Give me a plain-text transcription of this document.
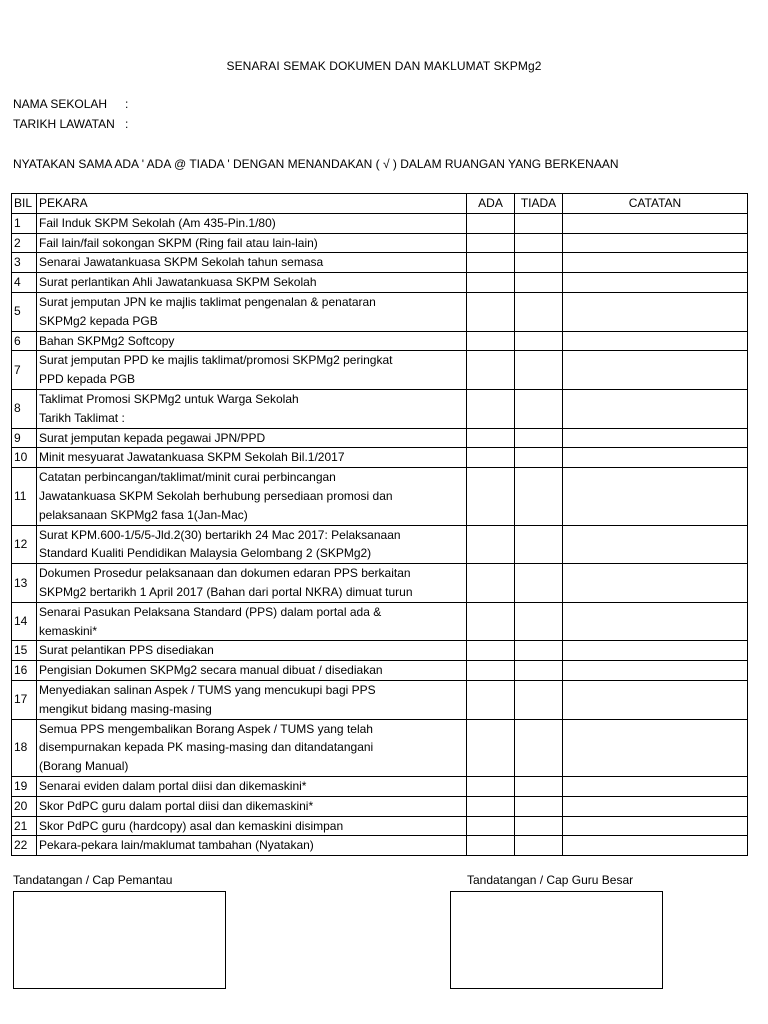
SENARAI SEMAK DOKUMEN DAN MAKLUMAT SKPMg2
NAMA SEKOLAH :
TARIKH LAWATAN :
NYATAKAN SAMA ADA ' ADA @ TIADA ' DENGAN MENANDAKAN ( √ ) DALAM RUANGAN YANG BERKENAAN
BIL	PEKARA	ADA	TIADA	CATATAN
1	Fail Induk SKPM Sekolah (Am 435-Pin.1/80)			

2	Fail lain/fail sokongan SKPM (Ring fail atau lain-lain)			

3	Senarai Jawatankuasa SKPM Sekolah tahun semasa			

4	Surat perlantikan Ahli Jawatankuasa SKPM Sekolah			

5	Surat jemputan JPN ke majlis taklimat pengenalan & penataran
SKPMg2 kepada PGB			

6	Bahan SKPMg2 Softcopy			

7	Surat jemputan PPD ke majlis taklimat/promosi SKPMg2 peringkat
PPD kepada PGB			

8	Taklimat Promosi SKPMg2 untuk Warga Sekolah
Tarikh Taklimat :			

9	Surat jemputan kepada pegawai JPN/PPD			

10	Minit mesyuarat Jawatankuasa SKPM Sekolah Bil.1/2017			

11	Catatan perbincangan/taklimat/minit curai perbincangan
Jawatankuasa SKPM Sekolah berhubung persediaan promosi dan
pelaksanaan SKPMg2 fasa 1(Jan-Mac)			

12	Surat KPM.600-1/5/5-Jld.2(30) bertarikh 24 Mac 2017: Pelaksanaan
Standard Kualiti Pendidikan Malaysia Gelombang 2 (SKPMg2)			

13	Dokumen Prosedur pelaksanaan dan dokumen edaran PPS berkaitan
SKPMg2 bertarikh 1 April 2017 (Bahan dari portal NKRA) dimuat turun			

14	Senarai Pasukan Pelaksana Standard (PPS) dalam portal ada &
kemaskini*			

15	Surat pelantikan PPS disediakan			

16	Pengisian Dokumen SKPMg2 secara manual dibuat / disediakan			

17	Menyediakan salinan Aspek / TUMS yang mencukupi bagi PPS
mengikut bidang masing-masing			

18	Semua PPS mengembalikan Borang Aspek / TUMS yang telah
disempurnakan kepada PK masing-masing dan ditandatangani
(Borang Manual)			

19	Senarai eviden dalam portal diisi dan dikemaskini*			

20	Skor PdPC guru dalam portal diisi dan dikemaskini*			

21	Skor PdPC guru (hardcopy) asal dan kemaskini disimpan			

22	Pekara-pekara lain/maklumat tambahan (Nyatakan)			

Tandatangan / Cap Pemantau	Tandatangan / Cap Guru Besar
